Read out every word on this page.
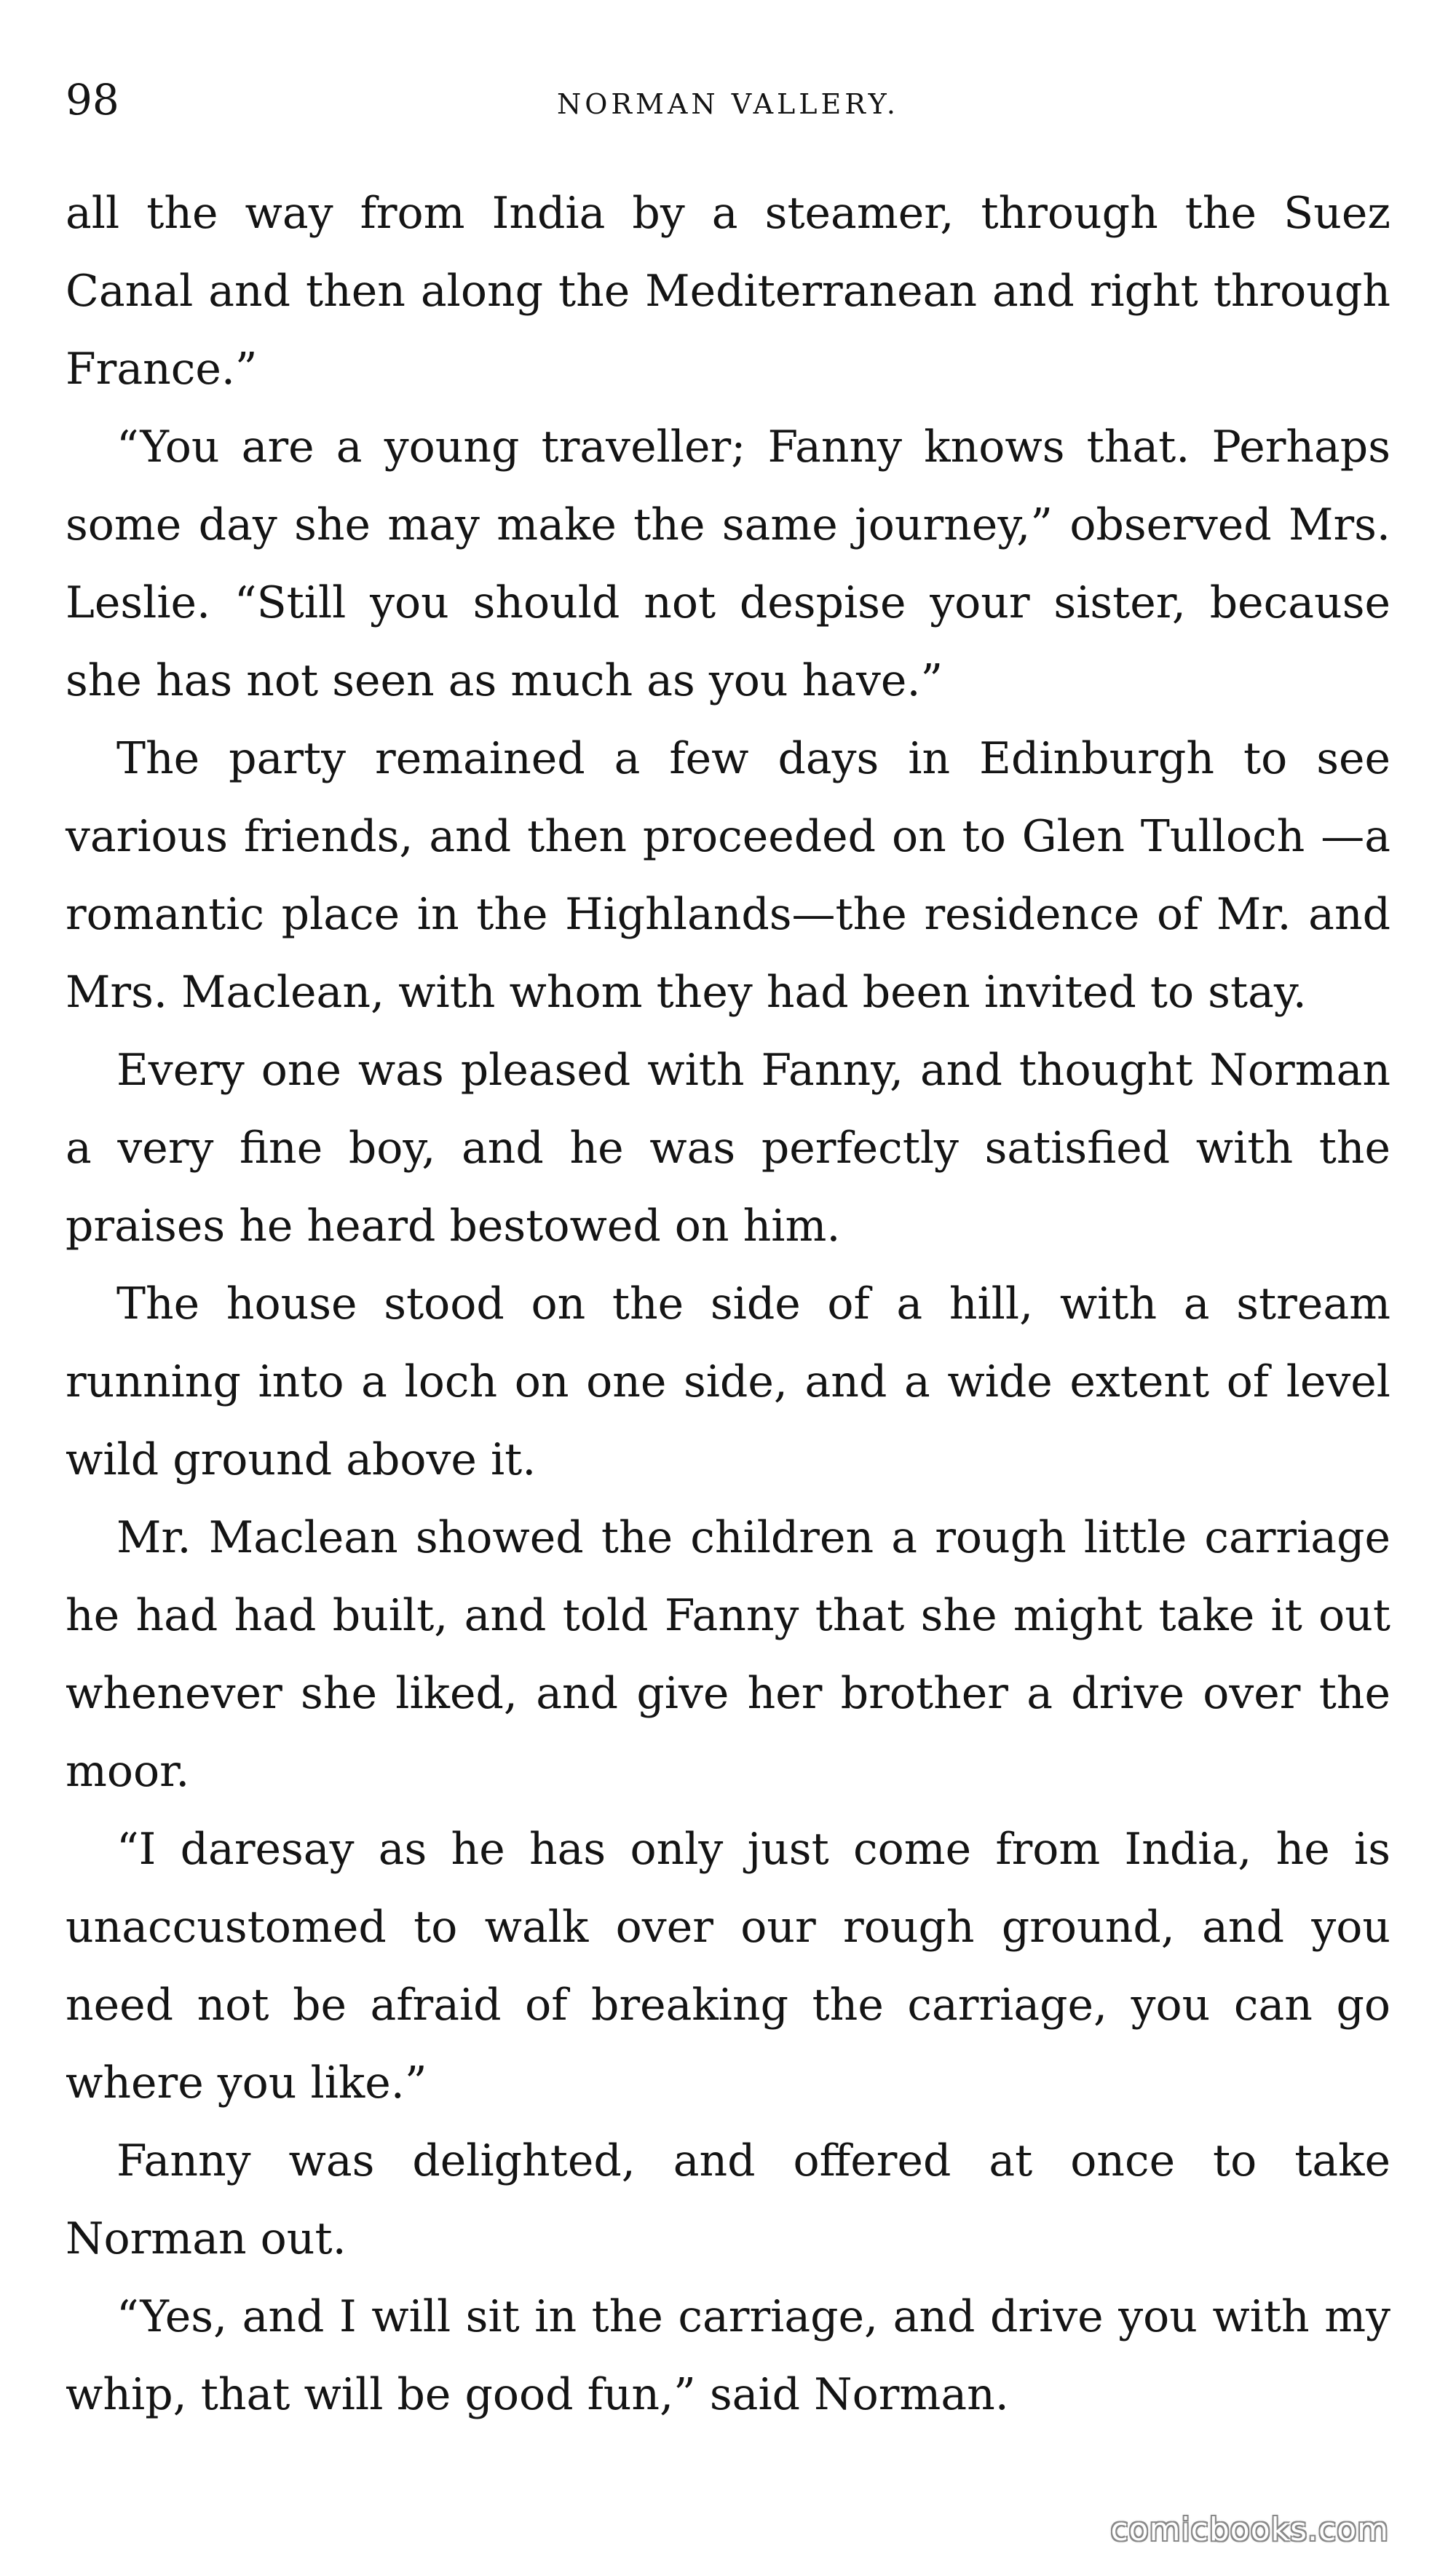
98	NORMAN VALLERY.

all the way from India by a steamer, through the Suez Canal and then along the Mediterranean and right through France.”

“You are a young traveller; Fanny knows that. Perhaps some day she may make the same journey,” observed Mrs. Leslie. “Still you should not despise your sister, because she has not seen as much as you have.”

The party remained a few days in Edinburgh to see various friends, and then proceeded on to Glen Tulloch —a romantic place in the Highlands—the residence of Mr. and Mrs. Maclean, with whom they had been invited to stay.

Every one was pleased with Fanny, and thought Norman a very fine boy, and he was perfectly satisfied with the praises he heard bestowed on him.

The house stood on the side of a hill, with a stream running into a loch on one side, and a wide extent of level wild ground above it.

Mr. Maclean showed the children a rough little carriage he had had built, and told Fanny that she might take it out whenever she liked, and give her brother a drive over the moor.

“I daresay as he has only just come from India, he is unaccustomed to walk over our rough ground, and you need not be afraid of breaking the carriage, you can go where you like.”

Fanny was delighted, and offered at once to take Norman out.

“Yes, and I will sit in the carriage, and drive you with my whip, that will be good fun,” said Norman.

comicbooks.com
